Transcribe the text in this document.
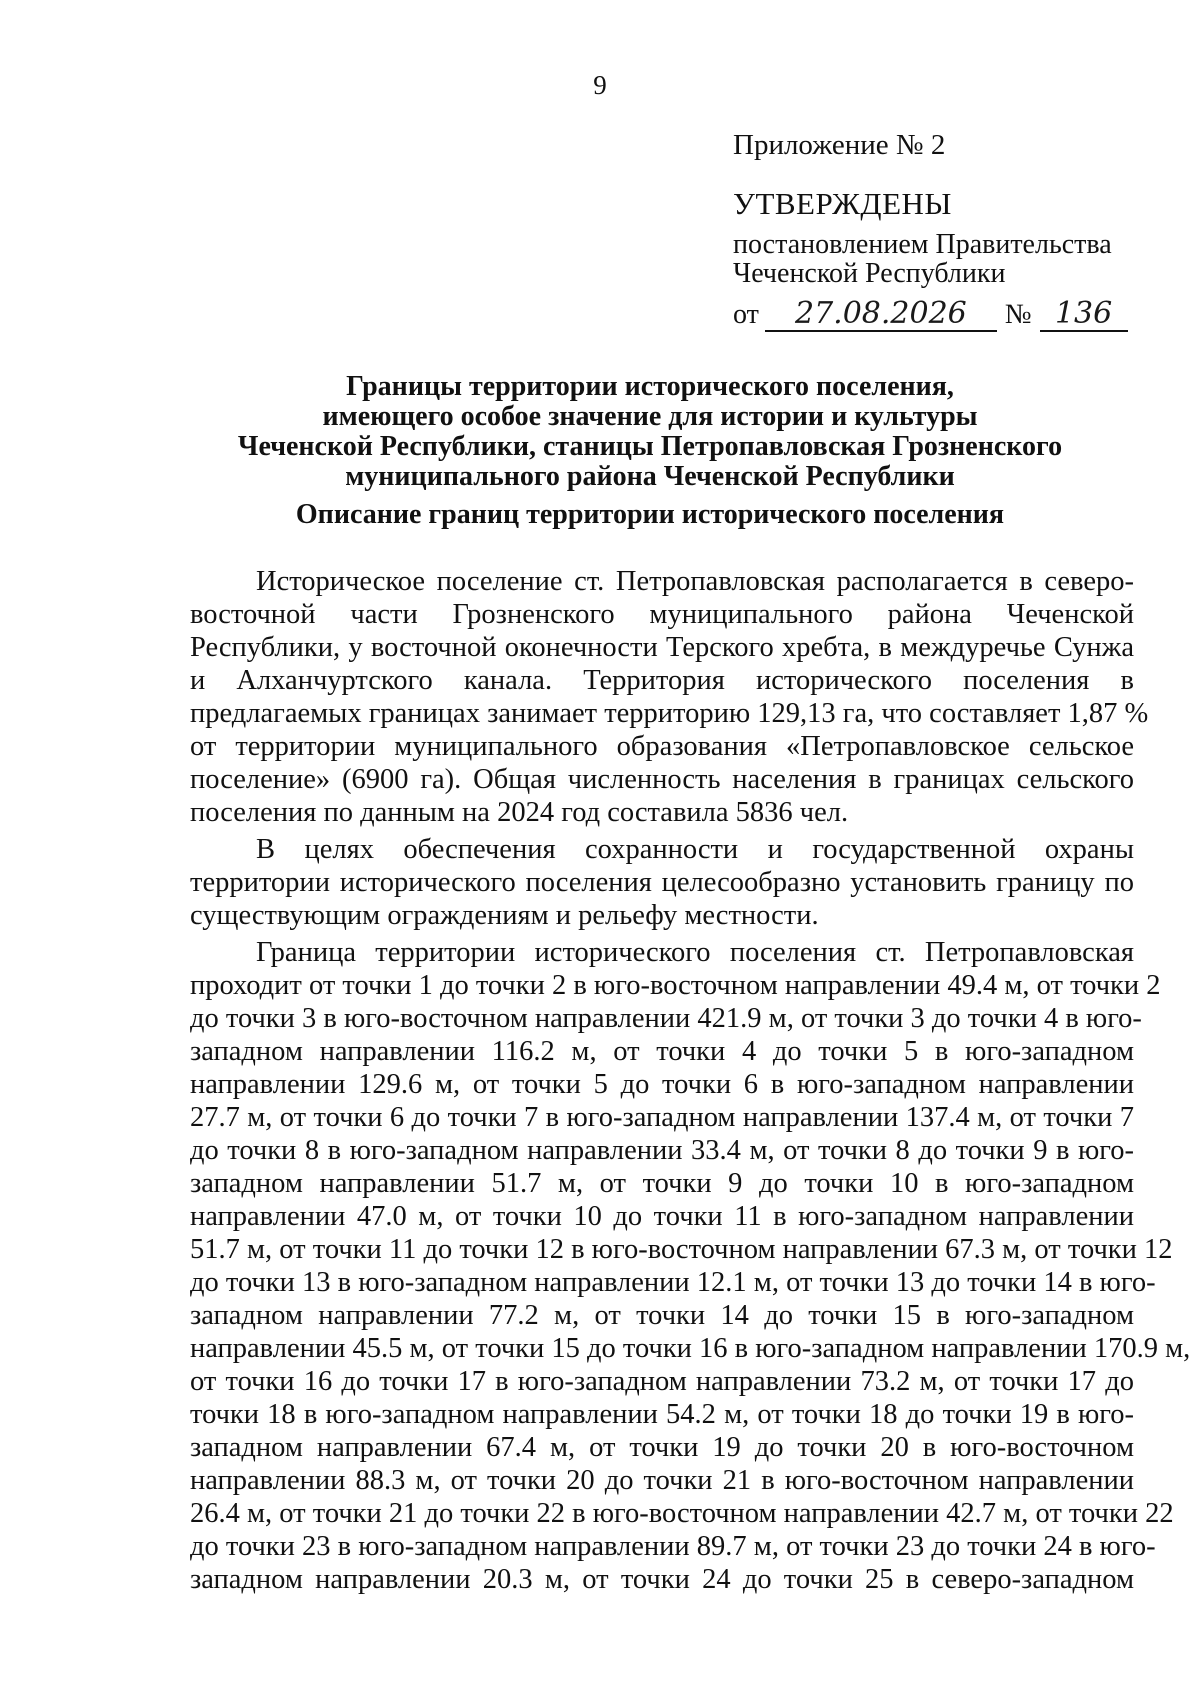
9

Приложение № 2

УТВЕРЖДЕНЫ
постановлением Правительства
Чеченской Республики
от	27.08.2026	№ 136
Границы территории исторического поселения,
имеющего особое значение для истории и культуры
Чеченской Республики, станицы Петропавловская Грозненского
муниципального района Чеченской Республики
Описание границ территории исторического поселения

Историческое поселение ст. Петропавловская располагается в северо-
восточной части Грозненского муниципального района Чеченской
Республики, у восточной оконечности Терского хребта, в междуречье Сунжа
и Алханчуртского канала. Территория исторического поселения в
предлагаемых границах занимает территорию 129,13 га, что составляет 1,87 %
от территории муниципального образования «Петропавловское сельское
поселение» (6900 га). Общая численность населения в границах сельского
поселения по данным на 2024 год составила 5836 чел.

В целях обеспечения сохранности и государственной охраны
территории исторического поселения целесообразно установить границу по
существующим ограждениям и рельефу местности.

Граница территории исторического поселения ст. Петропавловская
проходит от точки 1 до точки 2 в юго-восточном направлении 49.4 м, от точки 2
до точки 3 в юго-восточном направлении 421.9 м, от точки 3 до точки 4 в юго-
западном направлении 116.2 м, от точки 4 до точки 5 в юго-западном
направлении 129.6 м, от точки 5 до точки 6 в юго-западном направлении
27.7 м, от точки 6 до точки 7 в юго-западном направлении 137.4 м, от точки 7
до точки 8 в юго-западном направлении 33.4 м, от точки 8 до точки 9 в юго-
западном направлении 51.7 м, от точки 9 до точки 10 в юго-западном
направлении 47.0 м, от точки 10 до точки 11 в юго-западном направлении
51.7 м, от точки 11 до точки 12 в юго-восточном направлении 67.3 м, от точки 12
до точки 13 в юго-западном направлении 12.1 м, от точки 13 до точки 14 в юго-
западном направлении 77.2 м, от точки 14 до точки 15 в юго-западном
направлении 45.5 м, от точки 15 до точки 16 в юго-западном направлении 170.9 м,
от точки 16 до точки 17 в юго-западном направлении 73.2 м, от точки 17 до
точки 18 в юго-западном направлении 54.2 м, от точки 18 до точки 19 в юго-
западном направлении 67.4 м, от точки 19 до точки 20 в юго-восточном
направлении 88.3 м, от точки 20 до точки 21 в юго-восточном направлении
26.4 м, от точки 21 до точки 22 в юго-восточном направлении 42.7 м, от точки 22
до точки 23 в юго-западном направлении 89.7 м, от точки 23 до точки 24 в юго-
западном направлении 20.3 м, от точки 24 до точки 25 в северо-западном
